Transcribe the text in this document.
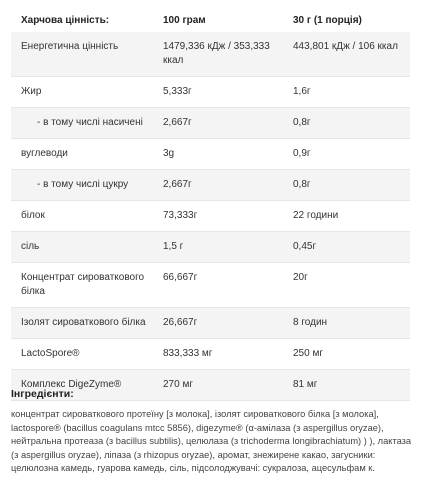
Харчова цінність:	100 грам	30 г (1 порція)

Енергетична цінність	1479,336 кДж / 353,333 ккал	443,801 кДж / 106 ккал

Жир	5,333г	1,6г

- в тому числі насичені	2,667г	0,8г

вуглеводи	3g	0,9г

- в тому числі цукру	2,667г	0,8г

білок	73,333г	22 години

сіль	1,5 г	0,45г

Концентрат сироваткового білка	66,667г	20г

Ізолят сироваткового білка	26,667г	8 годин

LactoSpore®	833,333 мг	250 мг

Комплекс DigeZyme®	270 мг	81 мг
Інгредієнти:

концентрат сироваткового протеїну [з молока], ізолят сироваткового білка [з молока], lactospore® (bacillus coagulans mtcc 5856), digezyme® (α-амілаза (з aspergillus oryzae), нейтральна протеаза (з bacillus subtilis), целюлаза (з trichoderma longibrachiatum) ) ), лактаза (з aspergillus oryzae), ліпаза (з rhizopus oryzae), аромат, знежирене какао, загусники: целюлозна камедь, гуарова камедь, сіль, підсолоджувачі: сукралоза, ацесульфам к.
